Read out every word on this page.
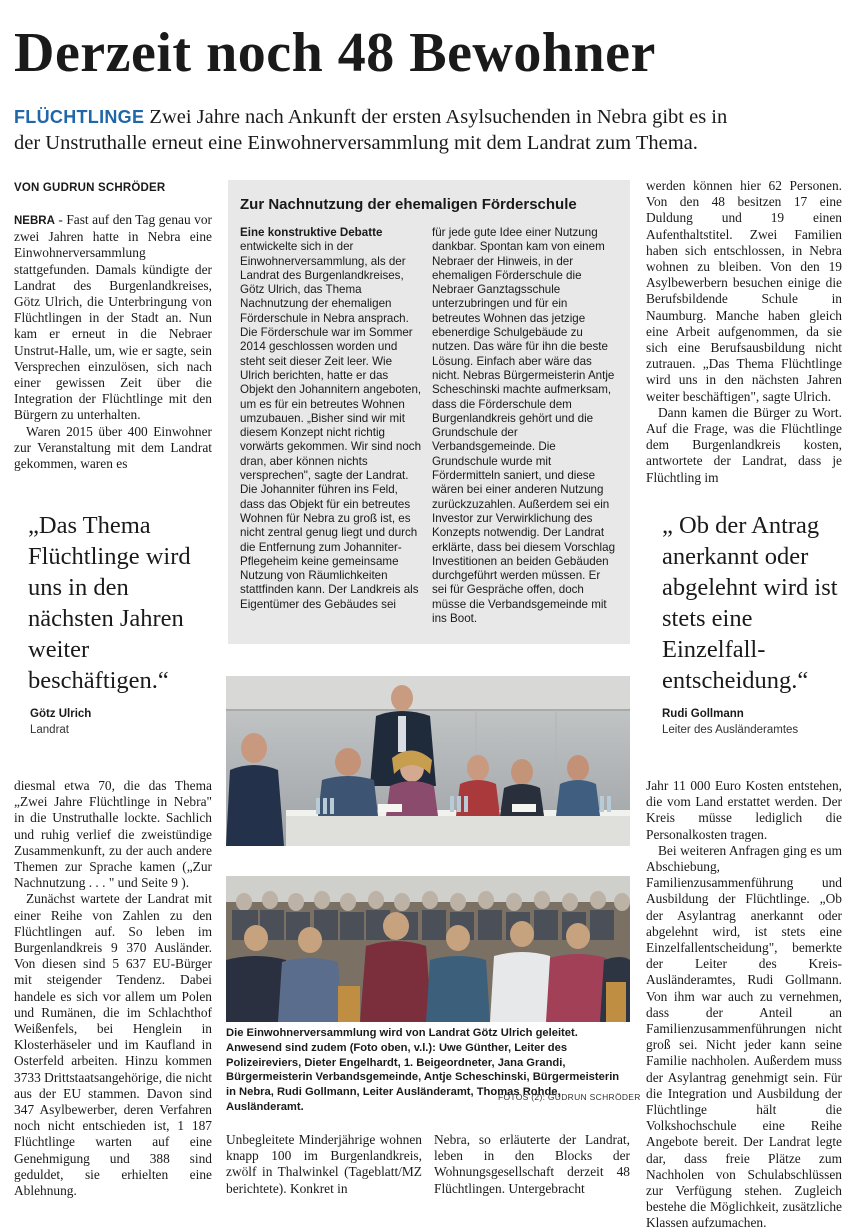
Derzeit noch 48 Bewohner
FLÜCHTLINGE Zwei Jahre nach Ankunft der ersten Asylsuchenden in Nebra gibt es in
der Unstruthalle erneut eine Einwohnerversammlung mit dem Landrat zum Thema.
VON GUDRUN SCHRÖDER

NEBRA - Fast auf den Tag genau vor zwei Jahren hatte in Nebra eine Einwohnerversammlung stattgefunden. Damals kündigte der Landrat des Burgenlandkreises, Götz Ulrich, die Unterbringung von Flüchtlingen in der Stadt an. Nun kam er erneut in die Nebraer Unstrut-Halle, um, wie er sagte, sein Versprechen einzulösen, sich nach einer gewissen Zeit über die Integration der Flüchtlinge mit den Bürgern zu unterhalten.

Waren 2015 über 400 Einwohner zur Veranstaltung mit dem Landrat gekommen, waren es

Zur Nachnutzung der ehemaligen Förderschule
Eine konstruktive Debatte entwickelte sich in der Einwohnerversammlung, als der Landrat des Burgenlandkreises, Götz Ulrich, das Thema Nachnutzung der ehemaligen Förderschule in Nebra ansprach. Die Förderschule war im Sommer 2014 geschlossen worden und steht seit dieser Zeit leer. Wie Ulrich berichten, hatte er das Objekt den Johannitern angeboten, um es für ein betreutes Wohnen umzubauen. „Bisher sind wir mit diesem Konzept nicht richtig vorwärts gekommen. Wir sind noch dran, aber können nichts versprechen", sagte der Landrat. Die Johanniter führen ins Feld, dass das Objekt für ein betreutes Wohnen für Nebra zu groß ist, es nicht zentral genug liegt und durch die Entfernung zum Johanniter-Pflegeheim keine gemeinsame Nutzung von Räumlichkeiten stattfinden kann. Der Landkreis als Eigentümer des Gebäudes sei
für jede gute Idee einer Nutzung dankbar. Spontan kam von einem Nebraer der Hinweis, in der ehemaligen Förderschule die Nebraer Ganztagsschule unterzubringen und für ein betreutes Wohnen das jetzige ebenerdige Schulgebäude zu nutzen. Das wäre für ihn die beste Lösung. Einfach aber wäre das nicht. Nebras Bürgermeisterin Antje Scheschinski machte aufmerksam, dass die Förderschule dem Burgenlandkreis gehört und die Grundschule der Verbandsgemeinde. Die Grundschule wurde mit Fördermitteln saniert, und diese wären bei einer anderen Nutzung zurückzuzahlen. Außerdem sei ein Investor zur Verwirklichung des Konzepts notwendig. Der Landrat erklärte, dass bei diesem Vorschlag Investitionen an beiden Gebäuden durchgeführt werden müssen. Er sei für Gespräche offen, doch müsse die Verbandsgemeinde mit ins Boot.

werden können hier 62 Personen. Von den 48 besitzen 17 eine Duldung und 19 einen Aufenthaltstitel. Zwei Familien haben sich entschlossen, in Nebra wohnen zu bleiben. Von den 19 Asylbewerbern besuchen einige die Berufsbildende Schule in Naumburg. Manche haben gleich eine Arbeit aufgenommen, da sie sich eine Berufsausbildung nicht zutrauen. „Das Thema Flüchtlinge wird uns in den nächsten Jahren weiter beschäftigen", sagte Ulrich.

Dann kamen die Bürger zu Wort. Auf die Frage, was die Flüchtlinge dem Burgenlandkreis kosten, antwortete der Landrat, dass je Flüchtling im

„Das Thema Flüchtlinge wird uns in den nächsten Jahren weiter beschäftigen.“
Götz Ulrich
Landrat
„ Ob der Antrag anerkannt oder abgelehnt wird ist stets eine Einzelfallentscheidung.“
Rudi Gollmann
Leiter des Ausländeramtes
Die Einwohnerversammlung wird von Landrat Götz Ulrich geleitet. Anwesend sind zudem (Foto oben, v.l.): Uwe Günther, Leiter des Polizeireviers, Dieter Engelhardt, 1. Beigeordneter, Jana Grandi, Bürgermeisterin Verbandsgemeinde, Antje Scheschinski, Bürgermeisterin in Nebra, Rudi Gollmann, Leiter Ausländeramt, Thomas Rohde, Ausländeramt.
FOTOS (2): GUDRUN SCHRÖDER

diesmal etwa 70, die das Thema „Zwei Jahre Flüchtlinge in Nebra" in die Unstruthalle lockte. Sachlich und ruhig verlief die zweistündige Zusammenkunft, zu der auch andere Themen zur Sprache kamen („Zur Nachnutzung . . . " und Seite 9 ).

Zunächst wartete der Landrat mit einer Reihe von Zahlen zu den Flüchtlingen auf. So leben im Burgenlandkreis 9 370 Ausländer. Von diesen sind 5 637 EU-Bürger mit steigender Tendenz. Dabei handele es sich vor allem um Polen und Rumänen, die im Schlachthof Weißenfels, bei Henglein in Klosterhäseler und im Kaufland in Osterfeld arbeiten. Hinzu kommen 3733 Drittstaatsangehörige, die nicht aus der EU stammen. Davon sind 347 Asylbewerber, deren Verfahren noch nicht entschieden ist, 1 187 Flüchtlinge warten auf eine Genehmigung und 388 sind geduldet, sie erhielten eine Ablehnung.

Unbegleitete Minderjährige wohnen knapp 100 im Burgenlandkreis, zwölf in Thalwinkel (Tageblatt/MZ berichtete). Konkret in

Nebra, so erläuterte der Landrat, leben in den Blocks der Wohnungsgesellschaft derzeit 48 Flüchtlingen. Untergebracht

Jahr 11 000 Euro Kosten entstehen, die vom Land erstattet werden. Der Kreis müsse lediglich die Personalkosten tragen.

Bei weiteren Anfragen ging es um Abschiebung, Familienzusammenführung und Ausbildung der Flüchtlinge. „Ob der Asylantrag anerkannt oder abgelehnt wird, ist stets eine Einzelfallentscheidung", bemerkte der Leiter des Kreis-Ausländeramtes, Rudi Gollmann. Von ihm war auch zu vernehmen, dass der Anteil an Familienzusammenführungen nicht groß sei. Nicht jeder kann seine Familie nachholen. Außerdem muss der Asylantrag genehmigt sein. Für die Integration und Ausbildung der Flüchtlinge hält die Volkshochschule eine Reihe Angebote bereit. Der Landrat legte dar, dass freie Plätze zum Nachholen von Schulabschlüssen zur Verfügung stehen. Zugleich bestehe die Möglichkeit, zusätzliche Klassen aufzumachen.
